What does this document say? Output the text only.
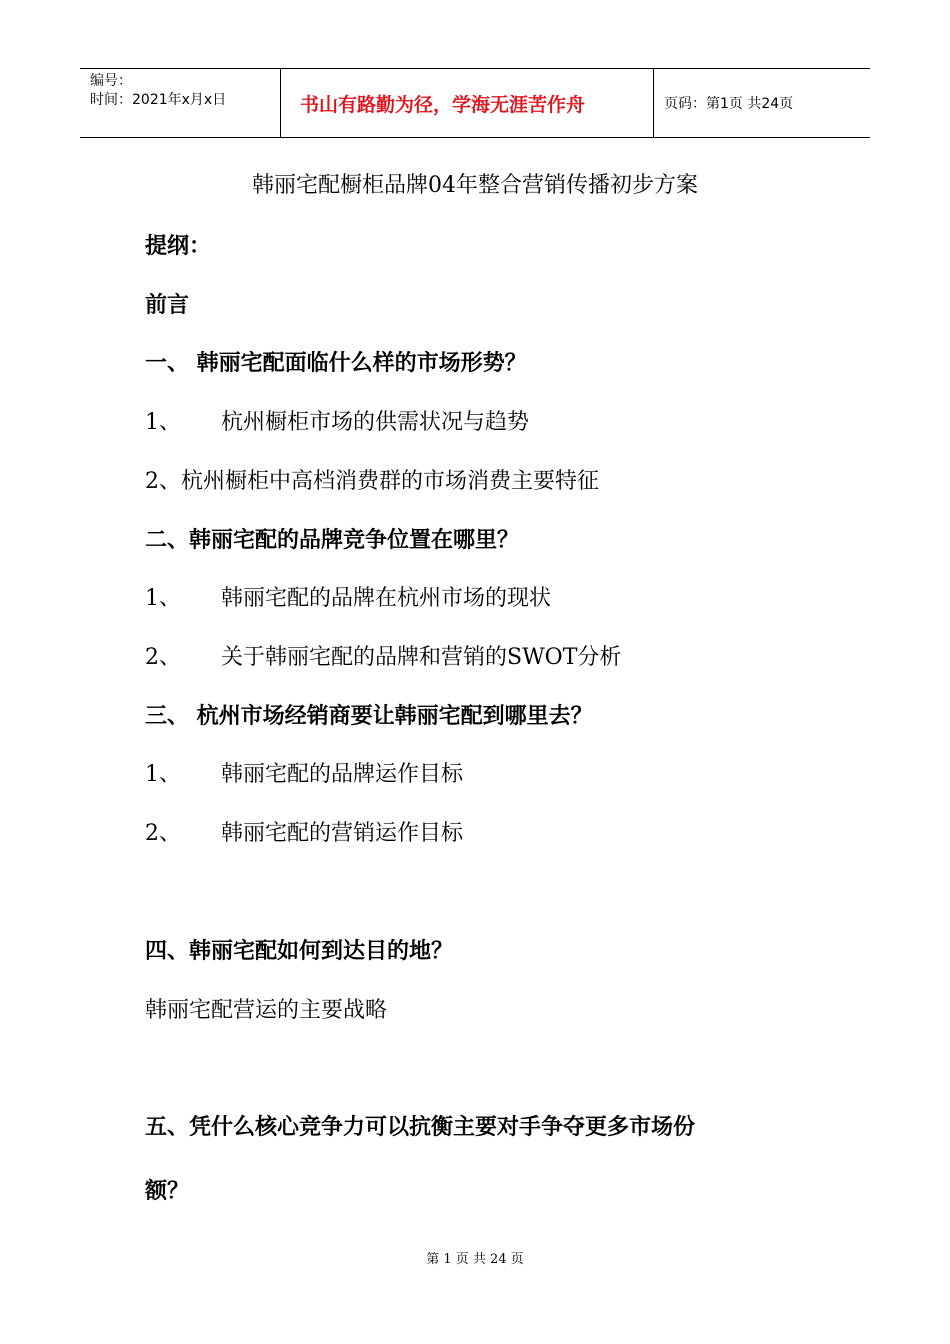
编号：
时间：2021年x月x日	书山有路勤为径，学海无涯苦作舟	页码：第1页 共24页
韩丽宅配橱柜品牌04年整合营销传播初步方案
提纲：
前言
一、 韩丽宅配面临什么样的市场形势？
1、 杭州橱柜市场的供需状况与趋势
2、杭州橱柜中高档消费群的市场消费主要特征
二、韩丽宅配的品牌竞争位置在哪里？
1、 韩丽宅配的品牌在杭州市场的现状
2、 关于韩丽宅配的品牌和营销的SWOT分析
三、 杭州市场经销商要让韩丽宅配到哪里去？
1、 韩丽宅配的品牌运作目标
2、 韩丽宅配的营销运作目标
四、韩丽宅配如何到达目的地？
韩丽宅配营运的主要战略
五、凭什么核心竞争力可以抗衡主要对手争夺更多市场份
额？
第 1 页 共 24 页
